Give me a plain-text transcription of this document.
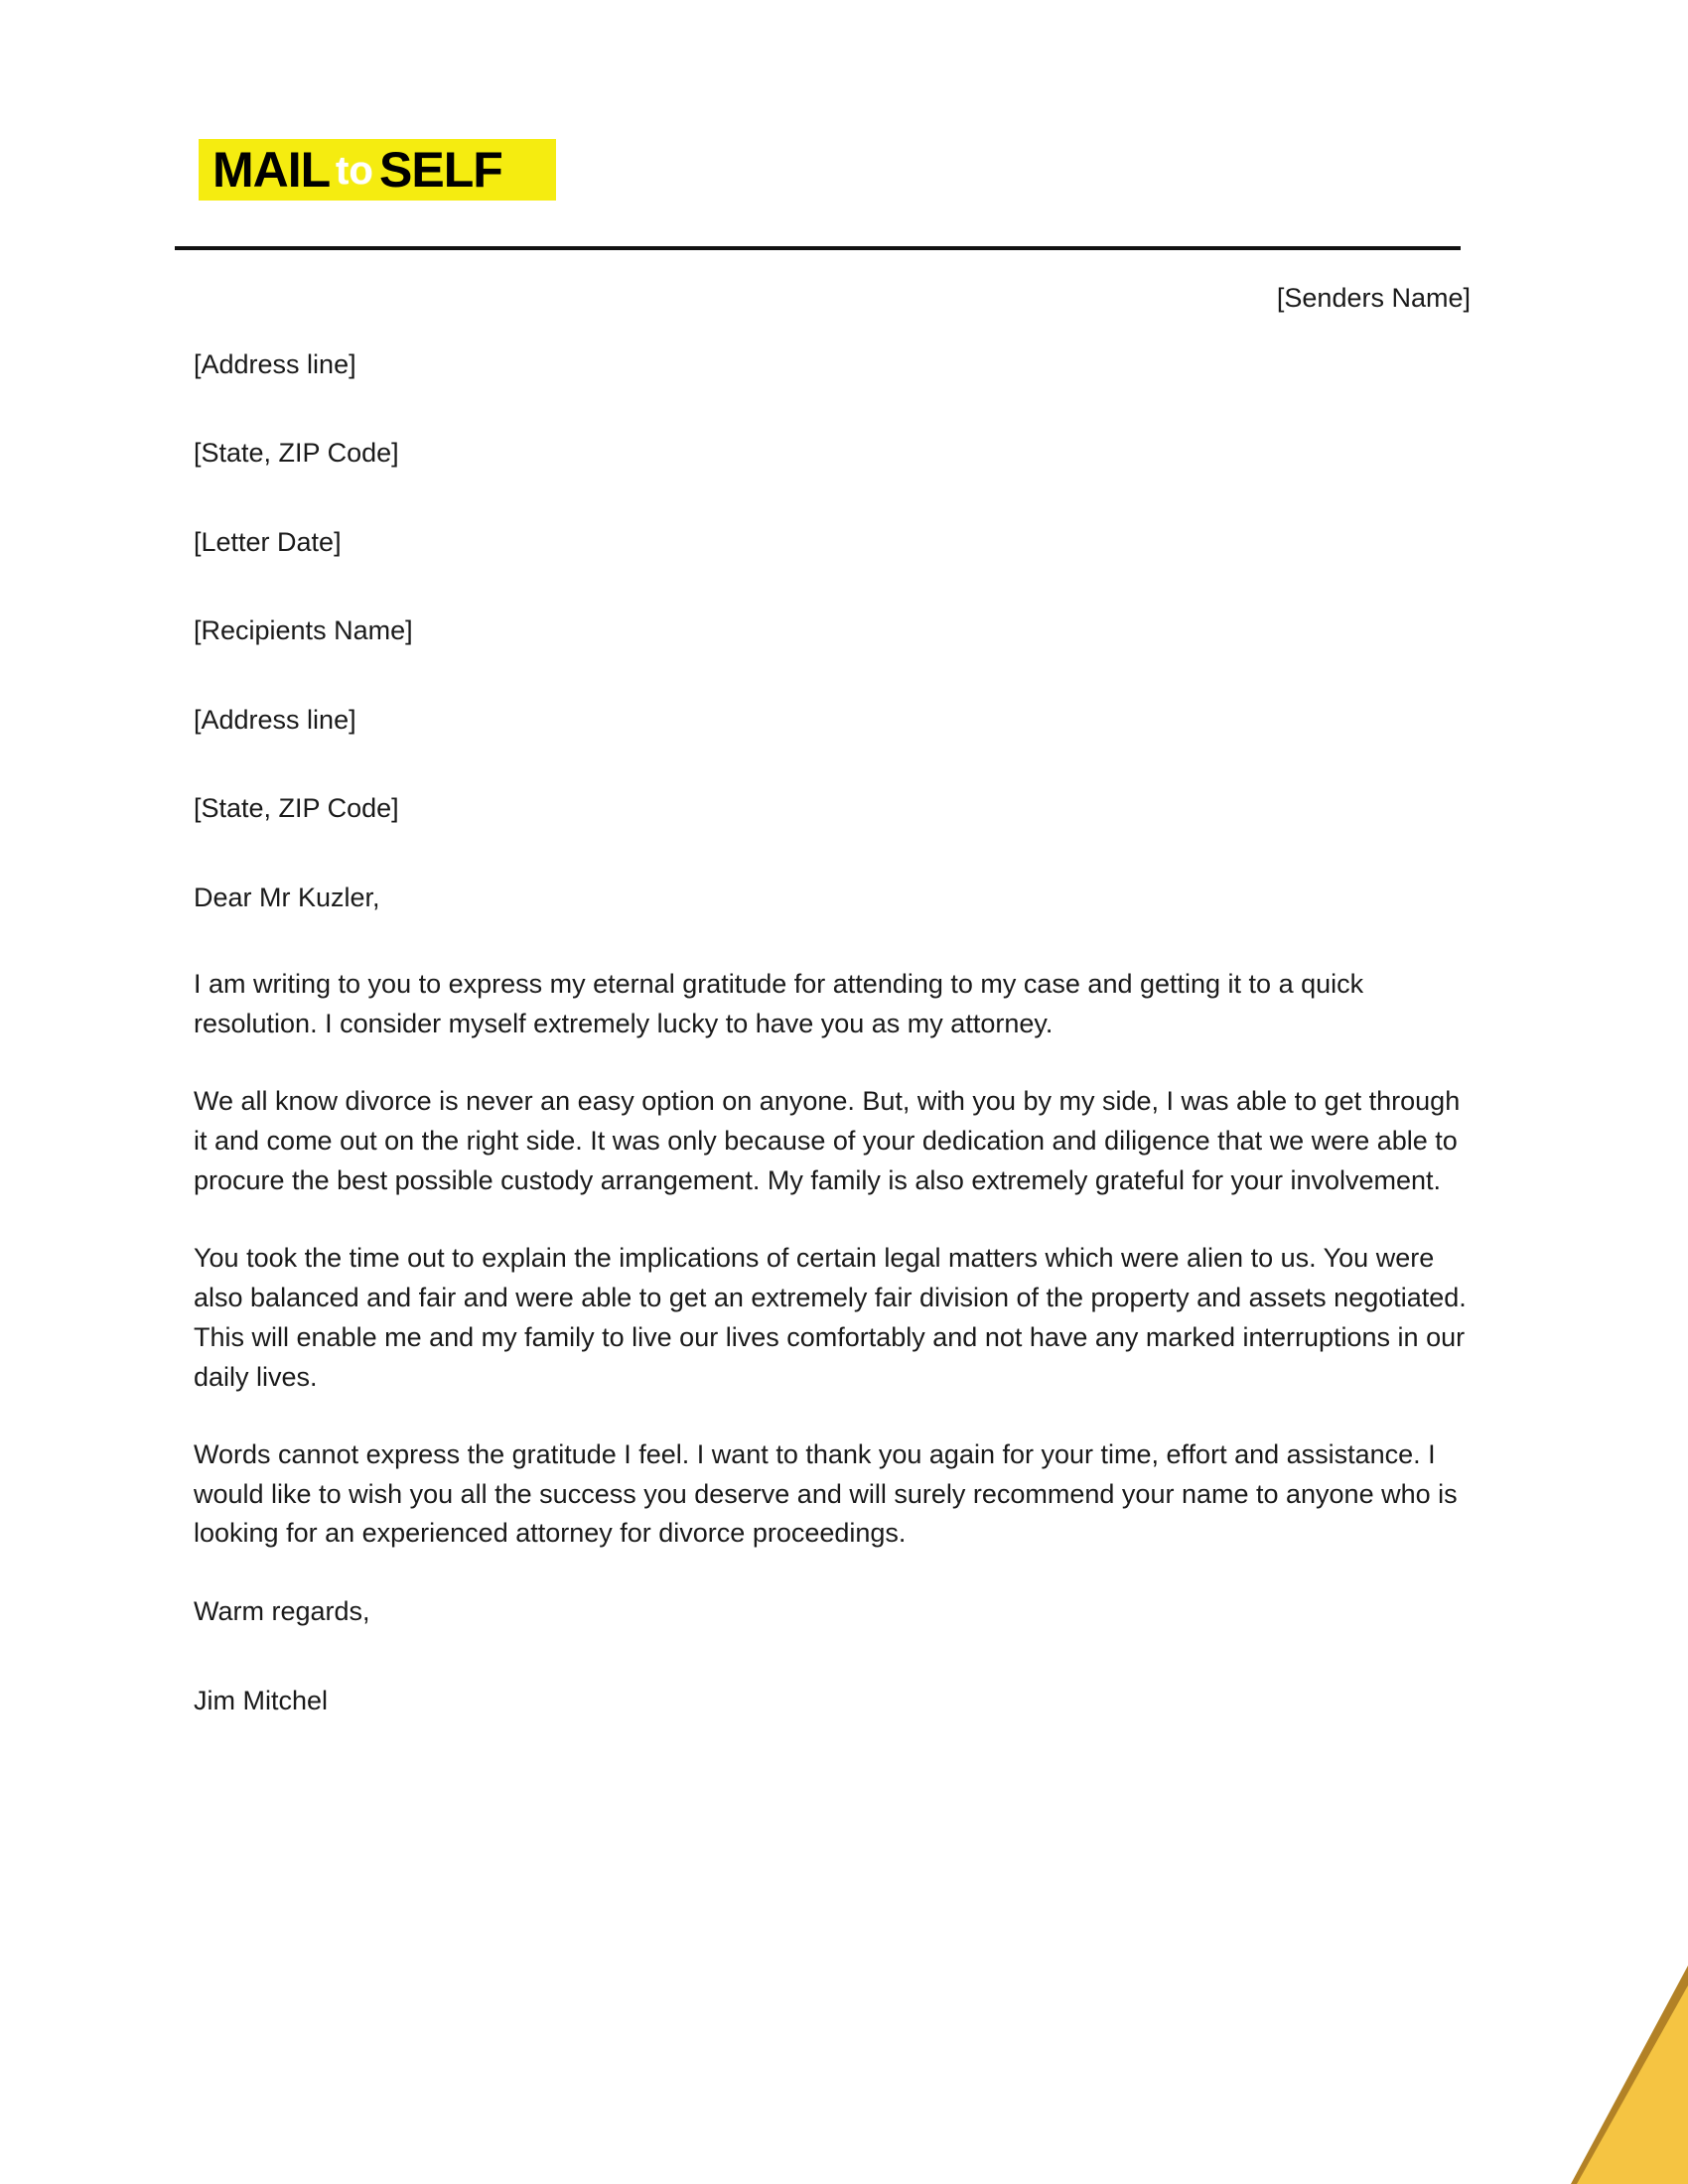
MAIL SELF
to

[Senders Name]

[Address line]

[State, ZIP Code]

[Letter Date]

[Recipients Name]

[Address line]

[State, ZIP Code]

Dear Mr Kuzler,

I am writing to you to express my eternal gratitude for attending to my case and getting it to a quick resolution. I consider myself extremely lucky to have you as my attorney.

We all know divorce is never an easy option on anyone. But, with you by my side, I was able to get through it and come out on the right side. It was only because of your dedication and diligence that we were able to procure the best possible custody arrangement. My family is also extremely grateful for your involvement.

You took the time out to explain the implications of certain legal matters which were alien to us. You were also balanced and fair and were able to get an extremely fair division of the property and assets negotiated. This will enable me and my family to live our lives comfortably and not have any marked interruptions in our daily lives.

Words cannot express the gratitude I feel. I want to thank you again for your time, effort and assistance. I would like to wish you all the success you deserve and will surely recommend your name to anyone who is looking for an experienced attorney for divorce proceedings.

Warm regards,

Jim Mitchel
